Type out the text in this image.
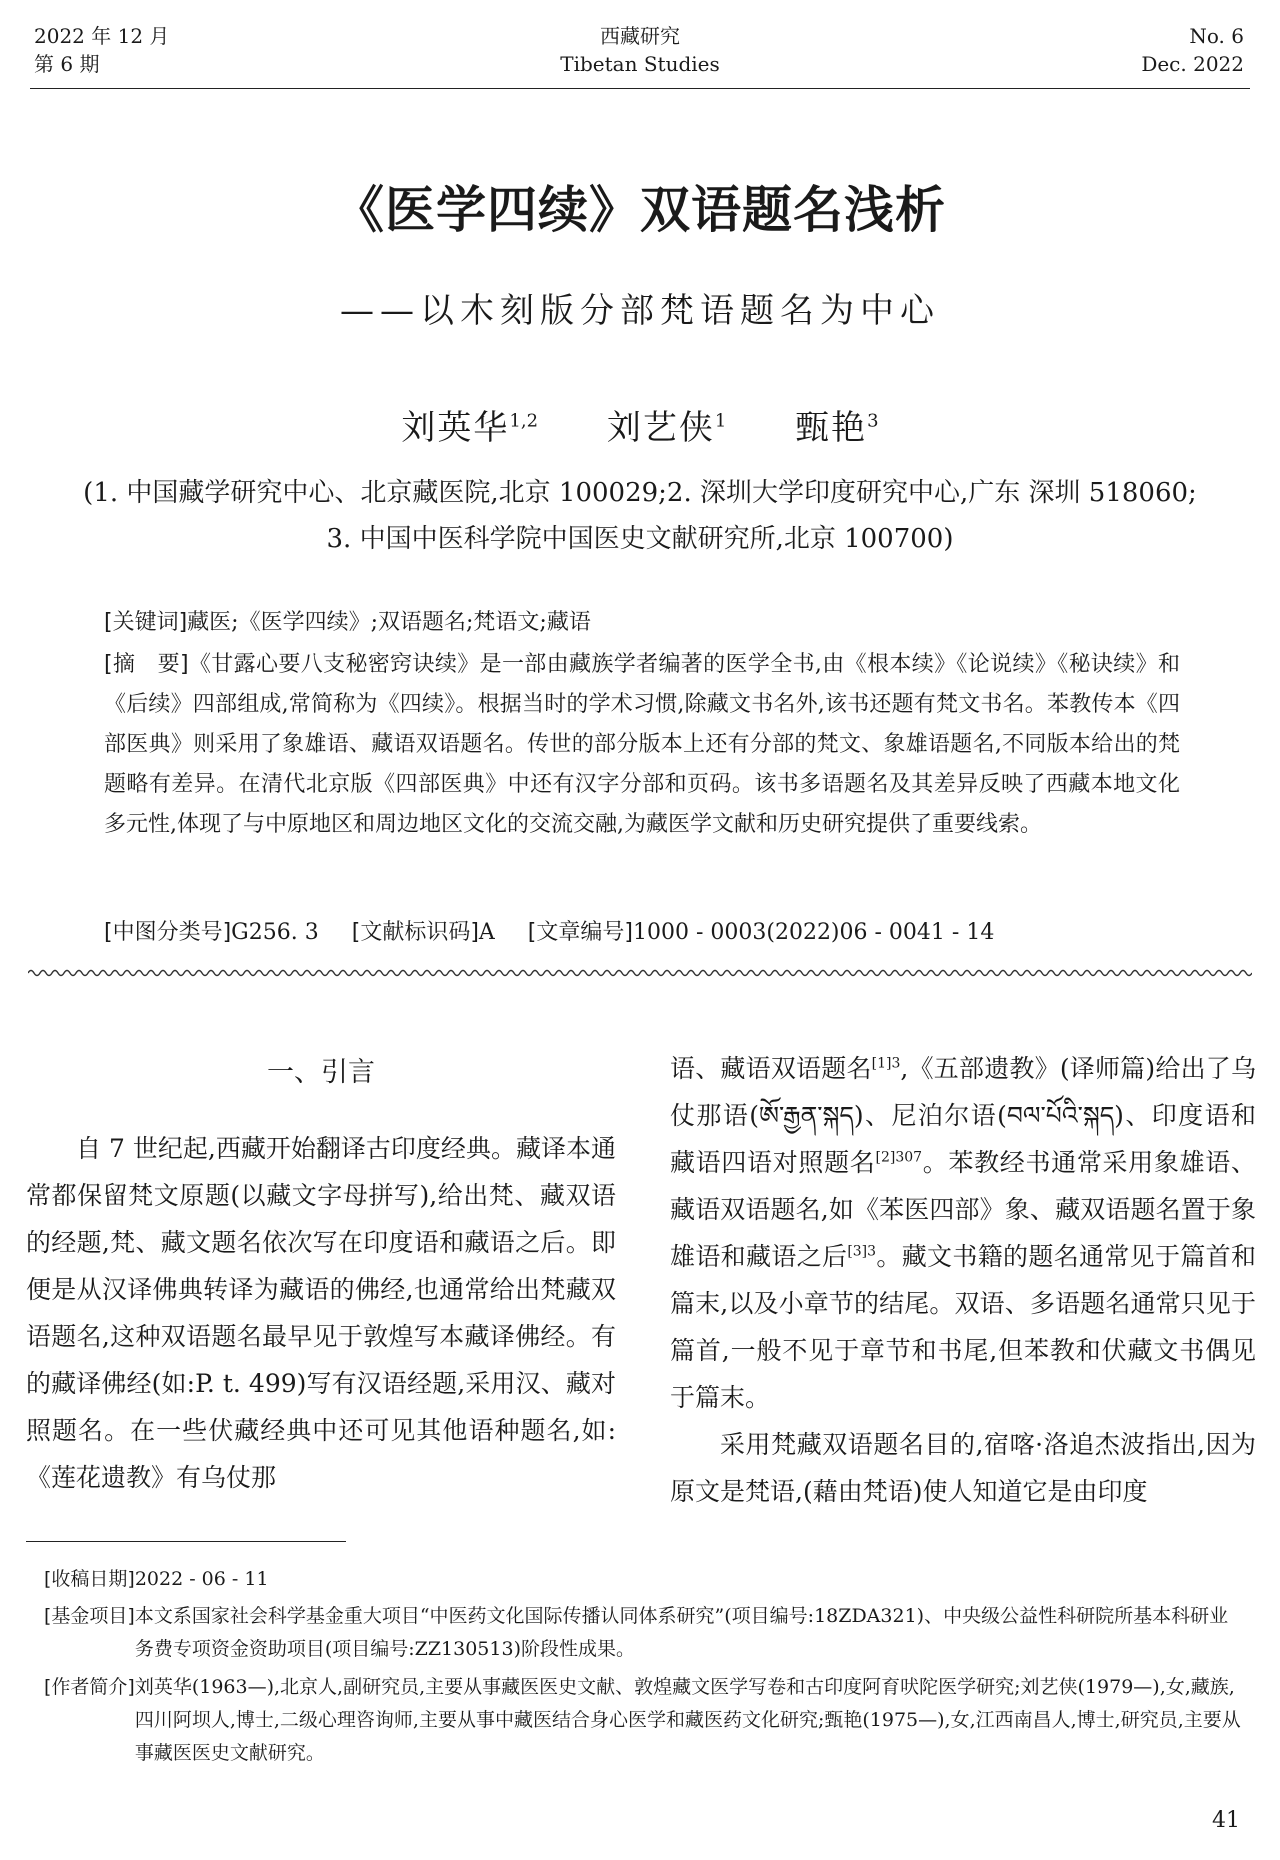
2022 年 12 月
第 6 期
西藏研究
Tibetan Studies
No. 6
Dec. 2022
《医学四续》双语题名浅析
——以木刻版分部梵语题名为中心
刘英华$^{1,2}$ 刘艺侠$^1$ 甄艳$^3$
(1. 中国藏学研究中心、北京藏医院,北京 100029;2. 深圳大学印度研究中心,广东 深圳 518060;
3. 中国中医科学院中国医史文献研究所,北京 100700)
[关键词]藏医;《医学四续》;双语题名;梵语文;藏语
[摘　要]《甘露心要八支秘密窍诀续》是一部由藏族学者编著的医学全书,由《根本续》《论说续》《秘诀续》和《后续》四部组成,常简称为《四续》。根据当时的学术习惯,除藏文书名外,该书还题有梵文书名。苯教传本《四部医典》则采用了象雄语、藏语双语题名。传世的部分版本上还有分部的梵文、象雄语题名,不同版本给出的梵题略有差异。在清代北京版《四部医典》中还有汉字分部和页码。该书多语题名及其差异反映了西藏本地文化多元性,体现了与中原地区和周边地区文化的交流交融,为藏医学文献和历史研究提供了重要线索。
[中图分类号]G256. 3 [文献标识码]A [文章编号]1000 - 0003(2022)06 - 0041 - 14
一、引言

自 7 世纪起,西藏开始翻译古印度经典。藏译本通常都保留梵文原题(以藏文字母拼写),给出梵、藏双语的经题,梵、藏文题名依次写在印度语和藏语之后。即便是从汉译佛典转译为藏语的佛经,也通常给出梵藏双语题名,这种双语题名最早见于敦煌写本藏译佛经。有的藏译佛经(如:P. t. 499)写有汉语经题,采用汉、藏对照题名。在一些伏藏经典中还可见其他语种题名,如:《莲花遗教》有乌仗那

语、藏语双语题名$^{[1]3}$,《五部遗教》(译师篇)给出了乌仗那语(ཨོ་རྒྱན་སྐད)、尼泊尔语(བལ་པོའི་སྐད)、印度语和藏语四语对照题名$^{[2]307}$。苯教经书通常采用象雄语、藏语双语题名,如《苯医四部》象、藏双语题名置于象雄语和藏语之后$^{[3]3}$。藏文书籍的题名通常见于篇首和篇末,以及小章节的结尾。双语、多语题名通常只见于篇首,一般不见于章节和书尾,但苯教和伏藏文书偶见于篇末。

采用梵藏双语题名目的,宿喀·洛追杰波指出,因为原文是梵语,(藉由梵语)使人知道它是由印度

[收稿日期] 2022 - 06 - 11
[基金项目] 本文系国家社会科学基金重大项目“中医药文化国际传播认同体系研究”(项目编号:18ZDA321)、中央级公益性科研院所基本科研业务费专项资金资助项目(项目编号:ZZ130513)阶段性成果。
[作者简介] 刘英华(1963—),北京人,副研究员,主要从事藏医医史文献、敦煌藏文医学写卷和古印度阿育吠陀医学研究;刘艺侠(1979—),女,藏族,四川阿坝人,博士,二级心理咨询师,主要从事中藏医结合身心医学和藏医药文化研究;甄艳(1975—),女,江西南昌人,博士,研究员,主要从事藏医医史文献研究。
41
